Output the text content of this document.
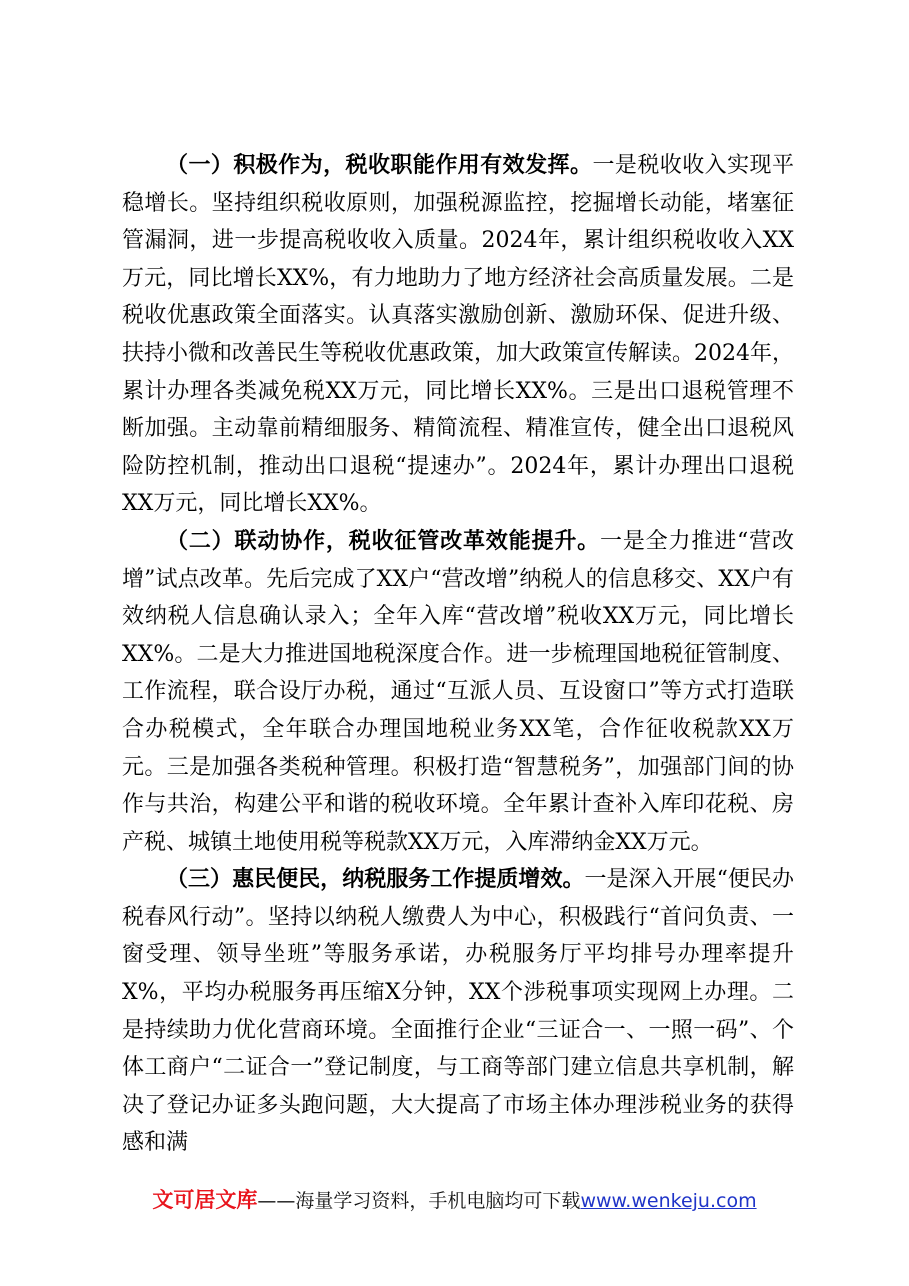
（一）积极作为，税收职能作用有效发挥。一是税收收入实现平稳增长。坚持组织税收原则，加强税源监控，挖掘增长动能，堵塞征管漏洞，进一步提高税收收入质量。2024年，累计组织税收收入XX万元，同比增长XX%，有力地助力了地方经济社会高质量发展。二是税收优惠政策全面落实。认真落实激励创新、激励环保、促进升级、扶持小微和改善民生等税收优惠政策，加大政策宣传解读。2024年，累计办理各类减免税XX万元，同比增长XX%。三是出口退税管理不断加强。主动靠前精细服务、精简流程、精准宣传，健全出口退税风险防控机制，推动出口退税“提速办”。2024年，累计办理出口退税XX万元，同比增长XX%。

（二）联动协作，税收征管改革效能提升。一是全力推进“营改增”试点改革。先后完成了XX户“营改增”纳税人的信息移交、XX户有效纳税人信息确认录入；全年入库“营改增”税收XX万元，同比增长XX%。二是大力推进国地税深度合作。进一步梳理国地税征管制度、工作流程，联合设厅办税，通过“互派人员、互设窗口”等方式打造联合办税模式，全年联合办理国地税业务XX笔，合作征收税款XX万元。三是加强各类税种管理。积极打造“智慧税务”，加强部门间的协作与共治，构建公平和谐的税收环境。全年累计查补入库印花税、房产税、城镇土地使用税等税款XX万元，入库滞纳金XX万元。

（三）惠民便民，纳税服务工作提质增效。一是深入开展“便民办税春风行动”。坚持以纳税人缴费人为中心，积极践行“首问负责、一窗受理、领导坐班”等服务承诺，办税服务厅平均排号办理率提升X%，平均办税服务再压缩X分钟，XX个涉税事项实现网上办理。二是持续助力优化营商环境。全面推行企业“三证合一、一照一码”、个体工商户“二证合一”登记制度，与工商等部门建立信息共享机制，解决了登记办证多头跑问题，大大提高了市场主体办理涉税业务的获得感和满

文可居文库——海量学习资料，手机电脑均可下载www.wenkeju.com
